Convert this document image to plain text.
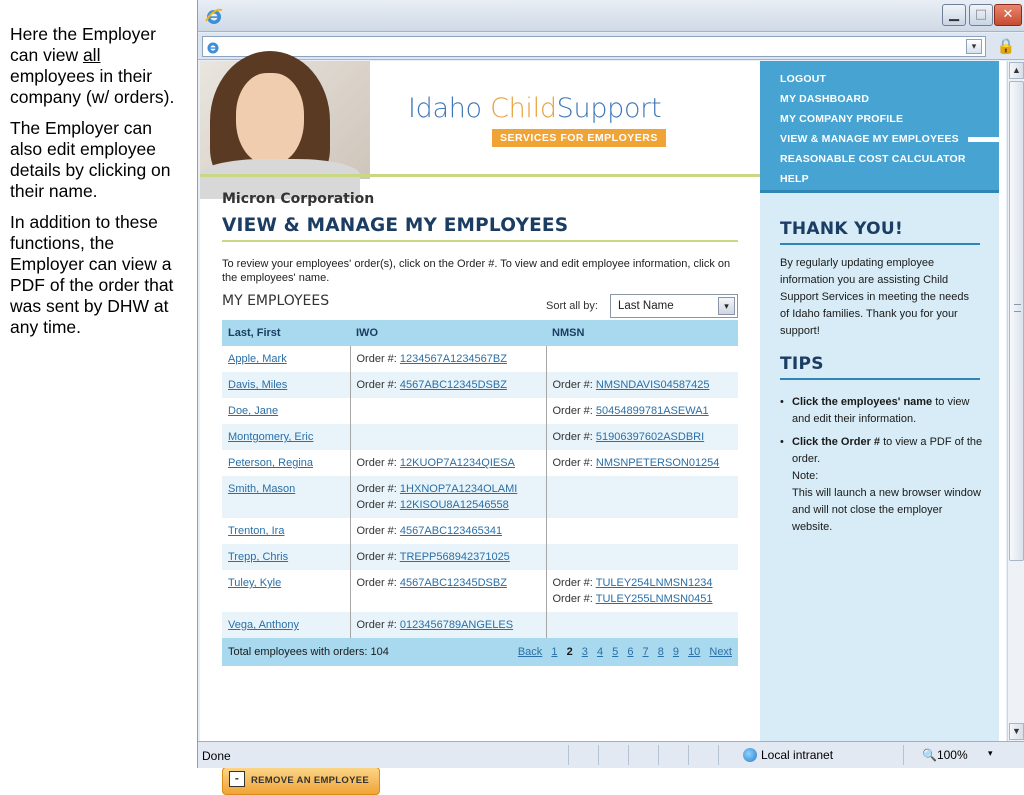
Here the Employer can view all employees in their company (w/ orders).

The Employer can also edit employee details by clicking on their name.

In addition to these functions, the Employer can view a PDF of the order that was sent by DHW at any time.

▁	□	✕
▾	🔒
Idaho ChildSupport
SERVICES FOR EMPLOYERS
LOGOUT
MY DASHBOARD
MY COMPANY PROFILE
VIEW & MANAGE MY EMPLOYEES
REASONABLE COST CALCULATOR
HELP
THANK YOU!

By regularly updating employee information you are assisting Child Support Services in meeting the needs of Idaho families. Thank you for your support!

TIPS
• Click the employees' name to view and edit their information.
• Click the Order # to view a PDF of the order.
Note:
This will launch a new browser window and will not close the employer website.
Micron Corporation
VIEW & MANAGE MY EMPLOYEES
To review your employees' order(s), click on the Order #. To view and edit employee information, click on the employees' name.
MY EMPLOYEES	Sort all by:	Last Name	▾
Last, First	IWO	NMSN
Apple, Mark	Order #: 1234567A1234567BZ	

Davis, Miles	Order #: 4567ABC12345DSBZ	Order #: NMSNDAVIS04587425

Doe, Jane		Order #: 50454899781ASEWA1

Montgomery, Eric		Order #: 51906397602ASDBRI

Peterson, Regina	Order #: 12KUOP7A1234QIESA	Order #: NMSNPETERSON01254

Smith, Mason	Order #: 1HXNOP7A1234OLAMI
Order #: 12KISOU8A12546558	

Trenton, Ira	Order #: 4567ABC123465341	

Trepp, Chris	Order #: TREPP568942371025	

Tuley, Kyle	Order #: 4567ABC12345DSBZ	Order #: TULEY254LNMSN1234
Order #: TULEY255LNMSN0451

Vega, Anthony	Order #: 0123456789ANGELES	

Total employees with orders: 104 Back 1 2 3 4 5 6 7 8 9 10 Next		
- REMOVE AN EMPLOYEE
▲
▼
Done	Local intranet	🔍100% ▾
